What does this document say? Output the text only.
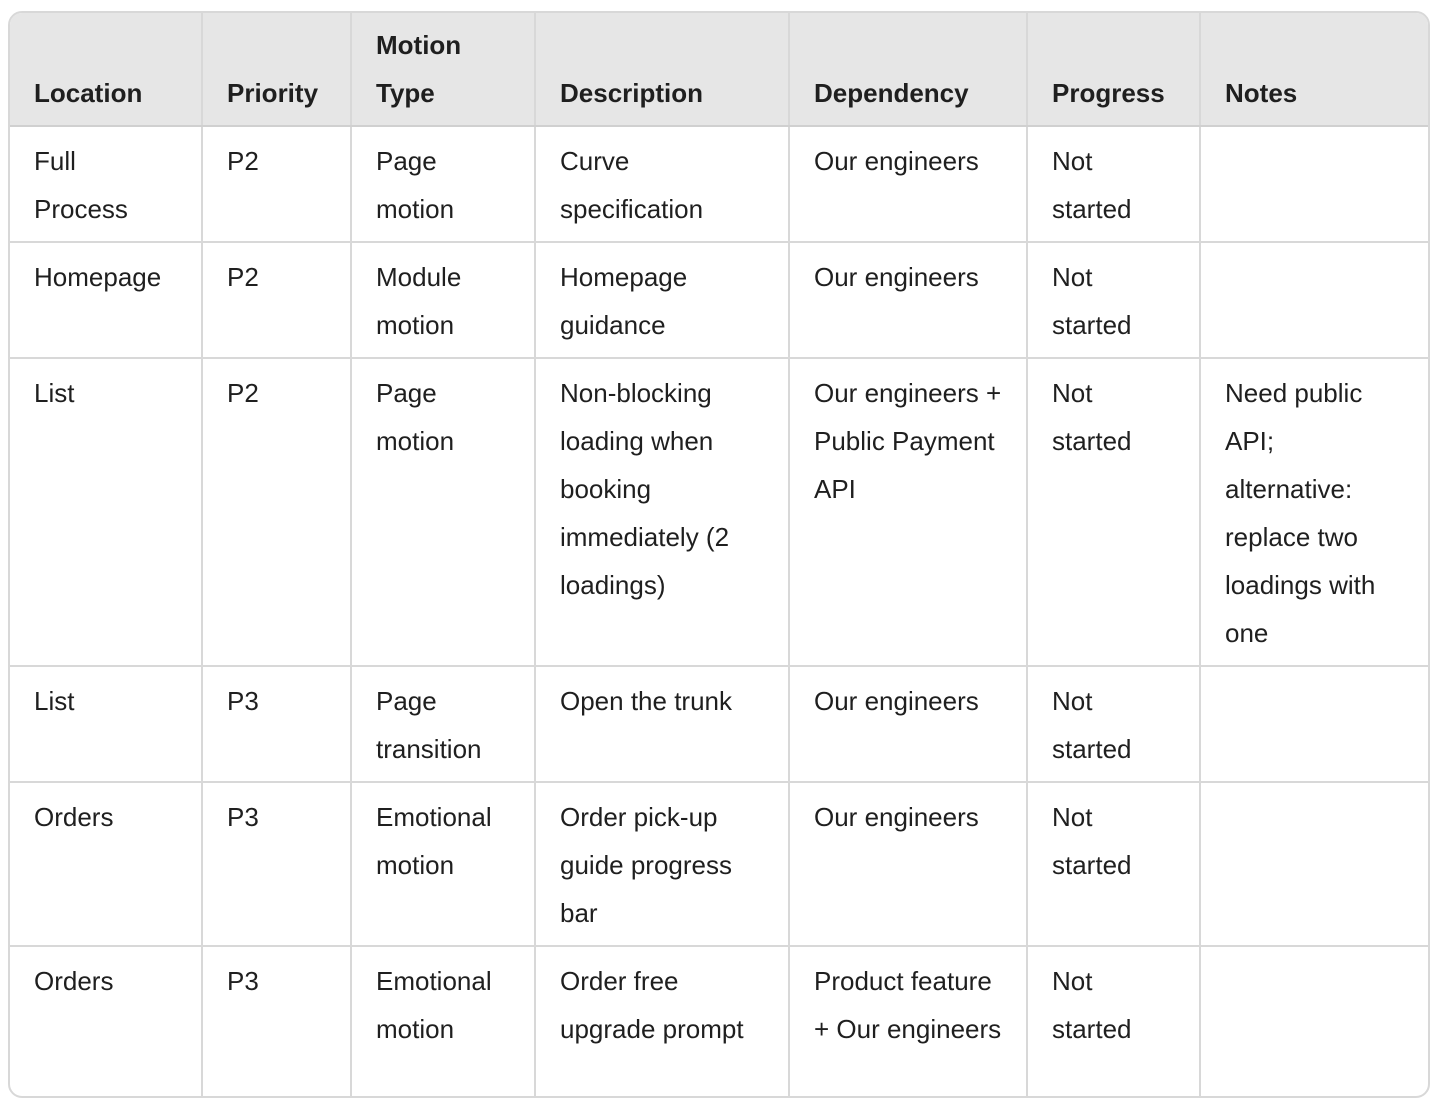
Location	Priority	Motion Type	Description	Dependency	Progress	Notes
Full Process	P2	Page motion	Curve specification	Our engineers	Not started	
Homepage	P2	Module motion	Homepage guidance	Our engineers	Not started	
List	P2	Page motion	Non-blocking loading when booking immediately (2 loadings)	Our engineers + Public Payment API	Not started	Need public API; alternative: replace two loadings with one
List	P3	Page transition	Open the trunk	Our engineers	Not started	
Orders	P3	Emotional motion	Order pick-up guide progress bar	Our engineers	Not started	
Orders	P3	Emotional motion	Order free upgrade prompt	Product feature + Our engineers	Not started	
